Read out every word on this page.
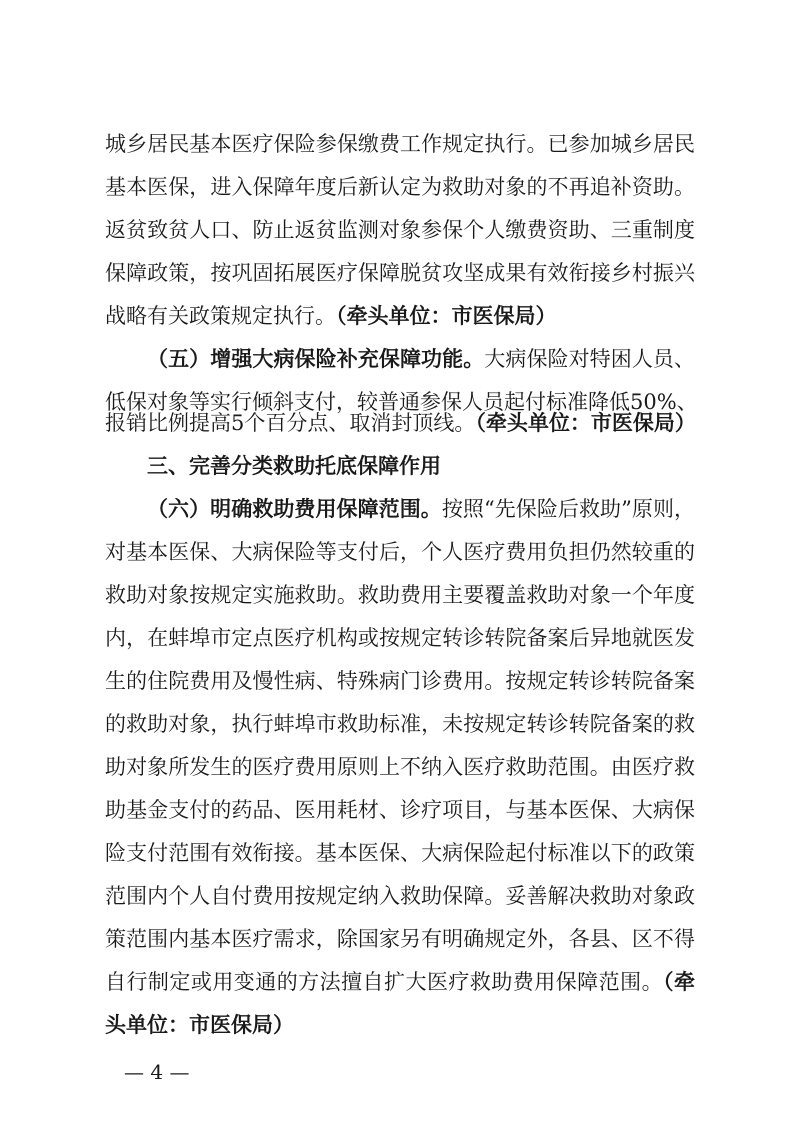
城乡居民基本医疗保险参保缴费工作规定执行。已参加城乡居民
基本医保，进入保障年度后新认定为救助对象的不再追补资助。
返贫致贫人口、防止返贫监测对象参保个人缴费资助、三重制度
保障政策，按巩固拓展医疗保障脱贫攻坚成果有效衔接乡村振兴
战略有关政策规定执行。（牵头单位：市医保局）
（五）增强大病保险补充保障功能。大病保险对特困人员、
低保对象等实行倾斜支付，较普通参保人员起付标准降低50%、
报销比例提高5个百分点、取消封顶线。（牵头单位：市医保局）
三、完善分类救助托底保障作用
（六）明确救助费用保障范围。按照“先保险后救助”原则，
对基本医保、大病保险等支付后，个人医疗费用负担仍然较重的
救助对象按规定实施救助。救助费用主要覆盖救助对象一个年度
内，在蚌埠市定点医疗机构或按规定转诊转院备案后异地就医发
生的住院费用及慢性病、特殊病门诊费用。按规定转诊转院备案
的救助对象，执行蚌埠市救助标准，未按规定转诊转院备案的救
助对象所发生的医疗费用原则上不纳入医疗救助范围。由医疗救
助基金支付的药品、医用耗材、诊疗项目，与基本医保、大病保
险支付范围有效衔接。基本医保、大病保险起付标准以下的政策
范围内个人自付费用按规定纳入救助保障。妥善解决救助对象政
策范围内基本医疗需求，除国家另有明确规定外，各县、区不得
自行制定或用变通的方法擅自扩大医疗救助费用保障范围。（牵
头单位：市医保局）
— 4 —
